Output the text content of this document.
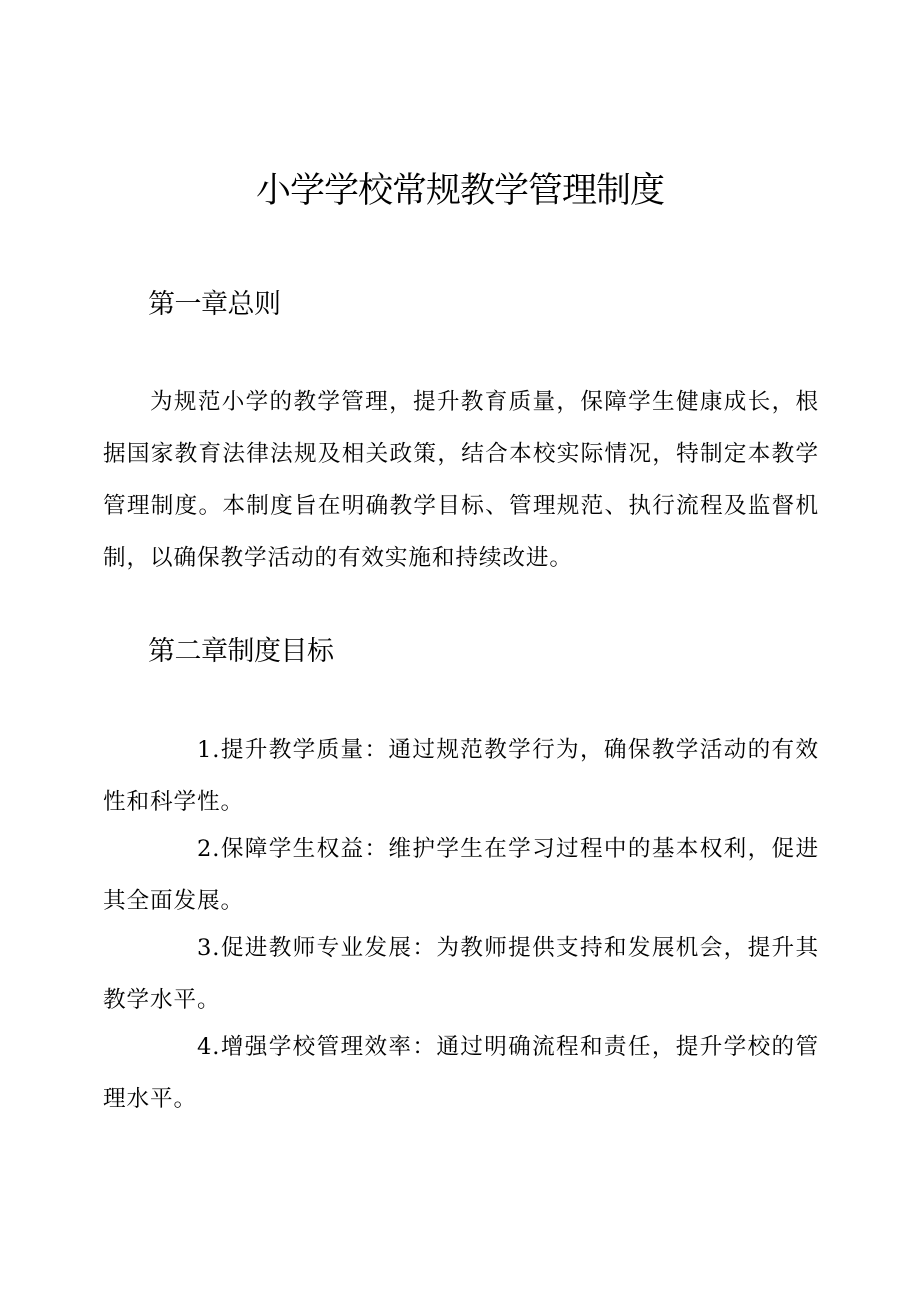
小学学校常规教学管理制度
第一章总则

为规范小学的教学管理，提升教育质量，保障学生健康成长，根据国家教育法律法规及相关政策，结合本校实际情况，特制定本教学管理制度。本制度旨在明确教学目标、管理规范、执行流程及监督机制，以确保教学活动的有效实施和持续改进。

第二章制度目标

1.提升教学质量：通过规范教学行为，确保教学活动的有效性和科学性。

2.保障学生权益：维护学生在学习过程中的基本权利，促进其全面发展。

3.促进教师专业发展：为教师提供支持和发展机会，提升其教学水平。

4.增强学校管理效率：通过明确流程和责任，提升学校的管理水平。
